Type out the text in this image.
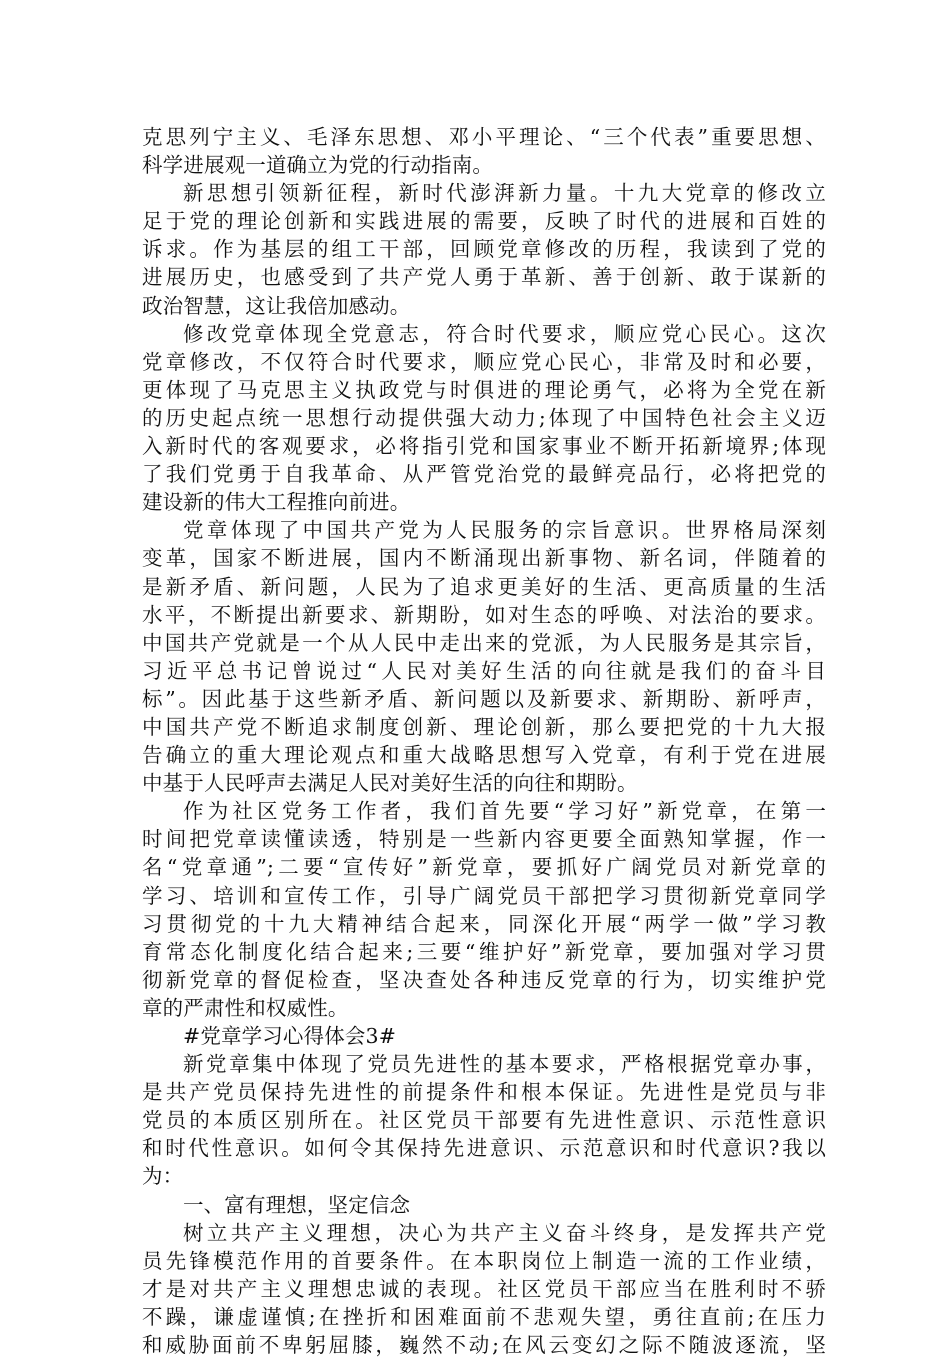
克思列宁主义、毛泽东思想、邓小平理论、“三个代表”重要思想、
科学进展观一道确立为党的行动指南。
新思想引领新征程，新时代澎湃新力量。十九大党章的修改立
足于党的理论创新和实践进展的需要，反映了时代的进展和百姓的
诉求。作为基层的组工干部，回顾党章修改的历程，我读到了党的
进展历史，也感受到了共产党人勇于革新、善于创新、敢于谋新的
政治智慧，这让我倍加感动。
修改党章体现全党意志，符合时代要求，顺应党心民心。这次
党章修改，不仅符合时代要求，顺应党心民心，非常及时和必要，
更体现了马克思主义执政党与时俱进的理论勇气，必将为全党在新
的历史起点统一思想行动提供强大动力;体现了中国特色社会主义迈
入新时代的客观要求，必将指引党和国家事业不断开拓新境界;体现
了我们党勇于自我革命、从严管党治党的最鲜亮品行，必将把党的
建设新的伟大工程推向前进。
党章体现了中国共产党为人民服务的宗旨意识。世界格局深刻
变革，国家不断进展，国内不断涌现出新事物、新名词，伴随着的
是新矛盾、新问题，人民为了追求更美好的生活、更高质量的生活
水平，不断提出新要求、新期盼，如对生态的呼唤、对法治的要求。
中国共产党就是一个从人民中走出来的党派，为人民服务是其宗旨，
习近平总书记曾说过“人民对美好生活的向往就是我们的奋斗目
标”。因此基于这些新矛盾、新问题以及新要求、新期盼、新呼声，
中国共产党不断追求制度创新、理论创新，那么要把党的十九大报
告确立的重大理论观点和重大战略思想写入党章，有利于党在进展
中基于人民呼声去满足人民对美好生活的向往和期盼。
作为社区党务工作者，我们首先要“学习好”新党章，在第一
时间把党章读懂读透，特别是一些新内容更要全面熟知掌握，作一
名“党章通”;二要“宣传好”新党章，要抓好广阔党员对新党章的
学习、培训和宣传工作，引导广阔党员干部把学习贯彻新党章同学
习贯彻党的十九大精神结合起来，同深化开展“两学一做”学习教
育常态化制度化结合起来;三要“维护好”新党章，要加强对学习贯
彻新党章的督促检查，坚决查处各种违反党章的行为，切实维护党
章的严肃性和权威性。
#党章学习心得体会3#
新党章集中体现了党员先进性的基本要求，严格根据党章办事，
是共产党员保持先进性的前提条件和根本保证。先进性是党员与非
党员的本质区别所在。社区党员干部要有先进性意识、示范性意识
和时代性意识。如何令其保持先进意识、示范意识和时代意识?我以
为：
一、富有理想，坚定信念
树立共产主义理想，决心为共产主义奋斗终身，是发挥共产党
员先锋模范作用的首要条件。在本职岗位上制造一流的工作业绩，
才是对共产主义理想忠诚的表现。社区党员干部应当在胜利时不骄
不躁，谦虚谨慎;在挫折和困难面前不悲观失望，勇往直前;在压力
和威胁面前不卑躬屈膝，巍然不动;在风云变幻之际不随波逐流，坚
